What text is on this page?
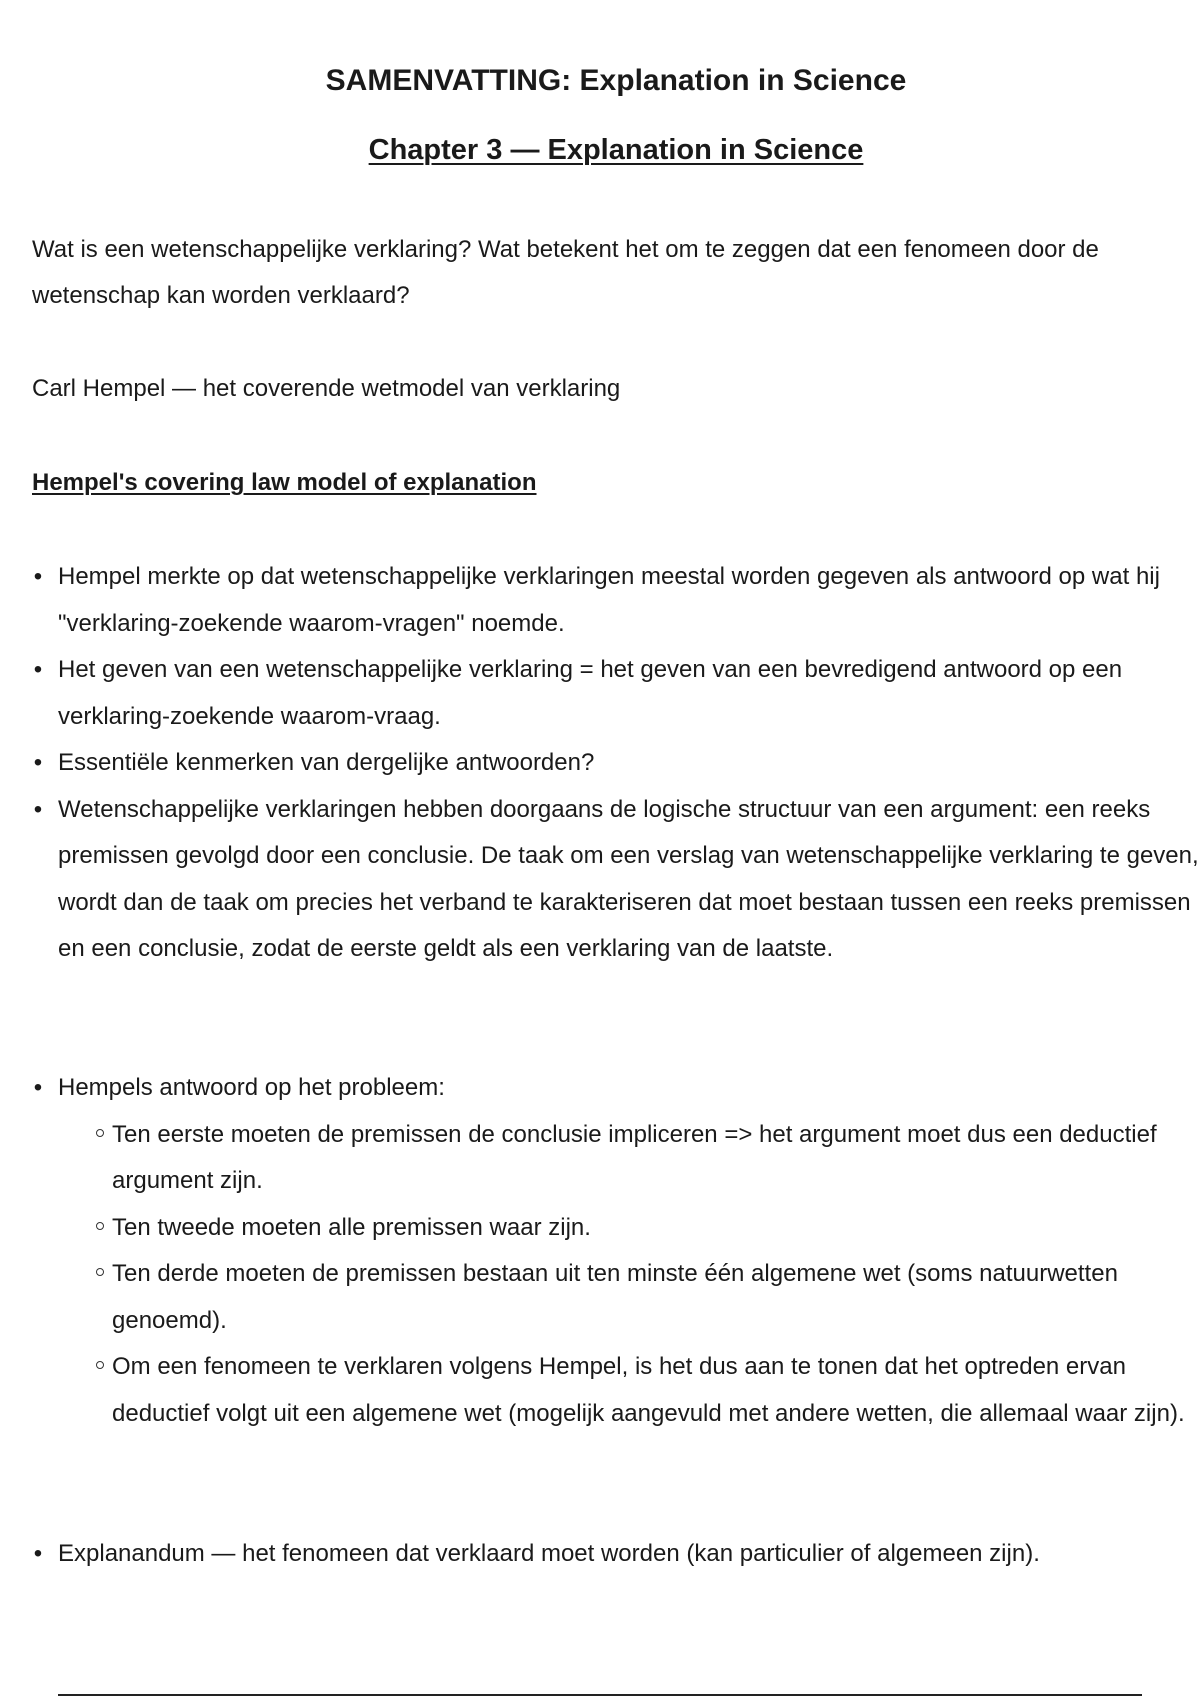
SAMENVATTING: Explanation in Science
Chapter 3 — Explanation in Science

Wat is een wetenschappelijke verklaring? Wat betekent het om te zeggen dat een fenomeen door de wetenschap kan worden verklaard?

Carl Hempel — het coverende wetmodel van verklaring

Hempel's covering law model of explanation

• Hempel merkte op dat wetenschappelijke verklaringen meestal worden gegeven als antwoord op wat hij "verklaring-zoekende waarom-vragen" noemde.
• Het geven van een wetenschappelijke verklaring = het geven van een bevredigend antwoord op een verklaring-zoekende waarom-vraag.
• Essentiële kenmerken van dergelijke antwoorden?
• Wetenschappelijke verklaringen hebben doorgaans de logische structuur van een argument: een reeks premissen gevolgd door een conclusie. De taak om een verslag van wetenschappelijke verklaring te geven, wordt dan de taak om precies het verband te karakteriseren dat moet bestaan tussen een reeks premissen en een conclusie, zodat de eerste geldt als een verklaring van de laatste.
• Hempels antwoord op het probleem:
Ten eerste moeten de premissen de conclusie impliceren => het argument moet dus een deductief argument zijn.
Ten tweede moeten alle premissen waar zijn.
Ten derde moeten de premissen bestaan uit ten minste één algemene wet (soms natuurwetten genoemd).
Om een fenomeen te verklaren volgens Hempel, is het dus aan te tonen dat het optreden ervan deductief volgt uit een algemene wet (mogelijk aangevuld met andere wetten, die allemaal waar zijn).
• Explanandum — het fenomeen dat verklaard moet worden (kan particulier of algemeen zijn).
